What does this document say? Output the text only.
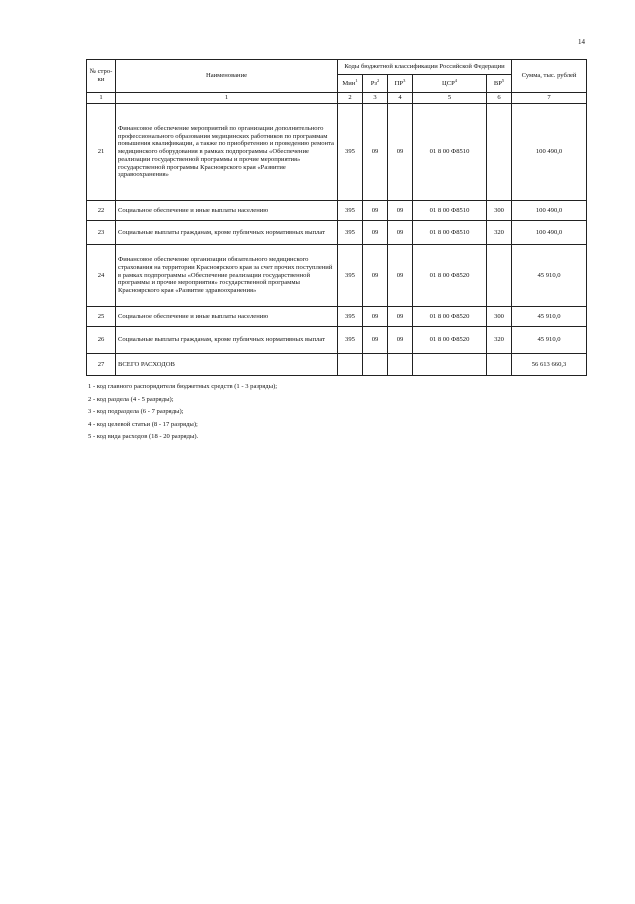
14
№ стро-ки	Наименование	Коды бюджетной классификации Российской Федерации					Сумма, тыс. рублей
		Мин$^1$	$Рз^2$	$ПР^3$	ЦСР$^4$	$ВР^5$
1	1	2	3	4	5	6	7
21	Финансовое обеспечение мероприятий по организации дополнительного профессионального образования медицинских работников по программам повышения квалификации, а также по приобретению и проведению ремонта медицинского оборудования в рамках подпрограммы «Обеспечение реализации государственной программы и прочие мероприятия» государственной программы Красноярского края «Развитие здравоохранения»	395	09	09	01 8 00 Ф8510		100 490,0
22	Социальное обеспечение и иные выплаты населению	395	09	09	01 8 00 Ф8510	300	100 490,0
23	Социальные выплаты гражданам, кроме публичных нормативных выплат	395	09	09	01 8 00 Ф8510	320	100 490,0
24	Финансовое обеспечение организации обязательного медицинского страхования на территории Красноярского края за счет прочих поступлений в рамках подпрограммы «Обеспечение реализации государственной программы и прочие мероприятия» государственной программы Красноярского края «Развитие здравоохранения»	395	09	09	01 8 00 Ф8520		45 910,0
25	Социальное обеспечение и иные выплаты населению	395	09	09	01 8 00 Ф8520	300	45 910,0
26	Социальные выплаты гражданам, кроме публичных нормативных выплат	395	09	09	01 8 00 Ф8520	320	45 910,0
27	ВСЕГО РАСХОДОВ						56 613 660,3
1 - код главного распорядителя бюджетных средств (1 - 3 разряды);
2 - код раздела (4 - 5 разряды);
3 - код подраздела (6 - 7 разряды);
4 - код целевой статьи (8 - 17 разряды);
5 - код вида расходов (18 - 20 разряды).
